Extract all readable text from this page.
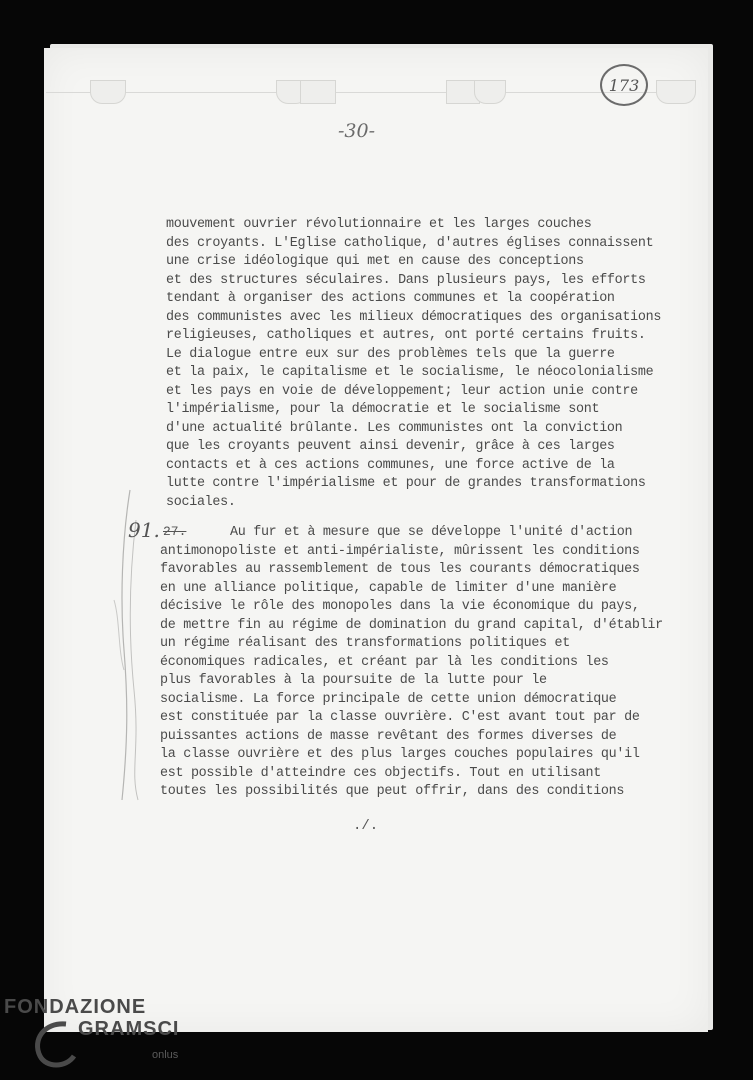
173
-30-
mouvement ouvrier révolutionnaire et les larges couches
des croyants. L'Eglise catholique, d'autres églises connaissent
une crise idéologique qui met en cause des conceptions
et des structures séculaires. Dans plusieurs pays, les efforts
tendant à organiser des actions communes et la coopération
des communistes avec les milieux démocratiques des organisations
religieuses, catholiques et autres, ont porté certains fruits.
Le dialogue entre eux sur des problèmes tels que la guerre
et la paix, le capitalisme et le socialisme, le néocolonialisme
et les pays en voie de développement; leur action unie contre
l'impérialisme, pour la démocratie et le socialisme sont
d'une actualité brûlante. Les communistes ont la conviction
que les croyants peuvent ainsi devenir, grâce à ces larges
contacts et à ces actions communes, une force active de la
lutte contre l'impérialisme et pour de grandes transformations
sociales.
91. 27.	Au fur et à mesure que se développe l'unité d'action
antimonopoliste et anti-impérialiste, mûrissent les conditions
favorables au rassemblement de tous les courants démocratiques
en une alliance politique, capable de limiter d'une manière
décisive le rôle des monopoles dans la vie économique du pays,
de mettre fin au régime de domination du grand capital, d'établir
un régime réalisant des transformations politiques et
économiques radicales, et créant par là les conditions les
plus favorables à la poursuite de la lutte pour le
socialisme. La force principale de cette union démocratique
est constituée par la classe ouvrière. C'est avant tout par de
puissantes actions de masse revêtant des formes diverses de
la classe ouvrière et des plus larges couches populaires qu'il
est possible d'atteindre ces objectifs. Tout en utilisant
toutes les possibilités que peut offrir, dans des conditions
./.
FONDAZIONE
GRAMSCI
onlus
